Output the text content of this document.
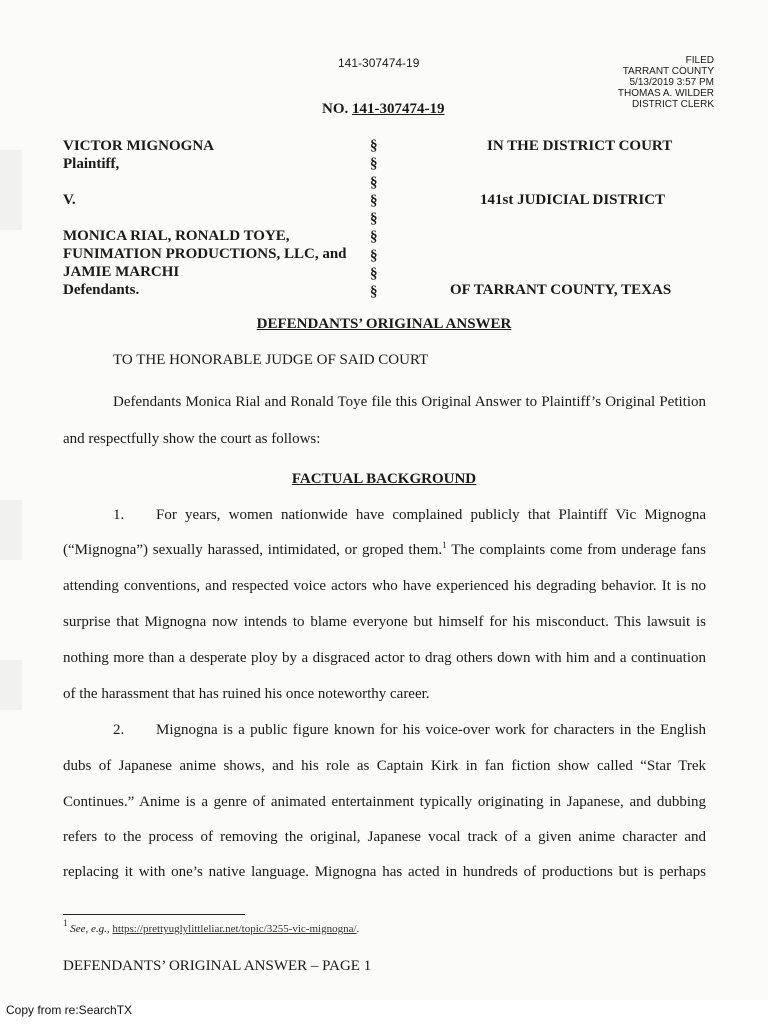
141-307474-19	FILED
TARRANT COUNTY
5/13/2019 3:57 PM
THOMAS A. WILDER
DISTRICT CLERK
NO. 141-307474-19
VICTOR MIGNOGNA
Plaintiff,
V.
MONICA RIAL, RONALD TOYE,
FUNIMATION PRODUCTIONS, LLC, and
JAMIE MARCHI
Defendants.
§
§
§
§
§
§
§
§
§
IN THE DISTRICT COURT
141st JUDICIAL DISTRICT
OF TARRANT COUNTY, TEXAS
DEFENDANTS’ ORIGINAL ANSWER
TO THE HONORABLE JUDGE OF SAID COURT
Defendants Monica Rial and Ronald Toye file this Original Answer to Plaintiff’s Original Petition
and respectfully show the court as follows:
FACTUAL BACKGROUND
1. For years, women nationwide have complained publicly that Plaintiff Vic Mignogna
(“Mignogna”) sexually harassed, intimidated, or groped them.$^1$ The complaints come from underage fans
attending conventions, and respected voice actors who have experienced his degrading behavior. It is no
surprise that Mignogna now intends to blame everyone but himself for his misconduct. This lawsuit is
nothing more than a desperate ploy by a disgraced actor to drag others down with him and a continuation
of the harassment that has ruined his once noteworthy career.
2. Mignogna is a public figure known for his voice-over work for characters in the English
dubs of Japanese anime shows, and his role as Captain Kirk in fan fiction show called “Star Trek
Continues.” Anime is a genre of animated entertainment typically originating in Japanese, and dubbing
refers to the process of removing the original, Japanese vocal track of a given anime character and
replacing it with one’s native language. Mignogna has acted in hundreds of productions but is perhaps
$^1$ See, e.g., https://prettyuglylittleliar.net/topic/3255-vic-mignogna/.
DEFENDANTS’ ORIGINAL ANSWER – PAGE 1
Copy from re:SearchTX
